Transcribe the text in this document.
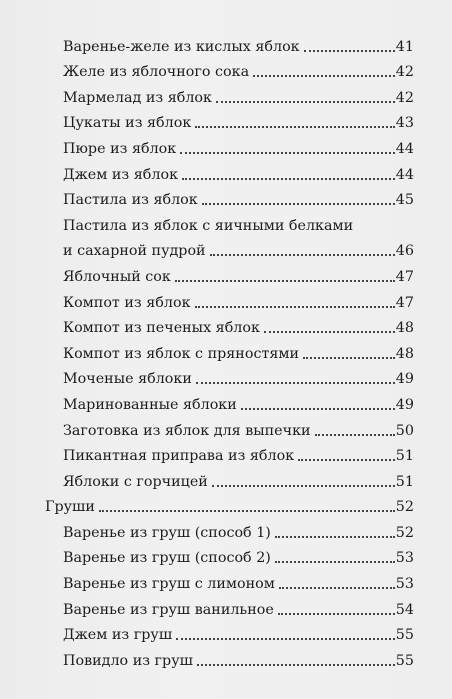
Варенье-желе из кислых яблок	41
Желе из яблочного сока	42
Мармелад из яблок	42
Цукаты из яблок	43
Пюре из яблок	44
Джем из яблок	44
Пастила из яблок	45
Пастила из яблок с яичными белками
и сахарной пудрой	46
Яблочный сок	47
Компот из яблок	47
Компот из печеных яблок	48
Компот из яблок с пряностями	48
Моченые яблоки	49
Маринованные яблоки	49
Заготовка из яблок для выпечки	50
Пикантная приправа из яблок	51
Яблоки с горчицей	51
Груши	52
Варенье из груш (способ 1)	52
Варенье из груш (способ 2)	53
Варенье из груш с лимоном	53
Варенье из груш ванильное	54
Джем из груш	55
Повидло из груш	55
